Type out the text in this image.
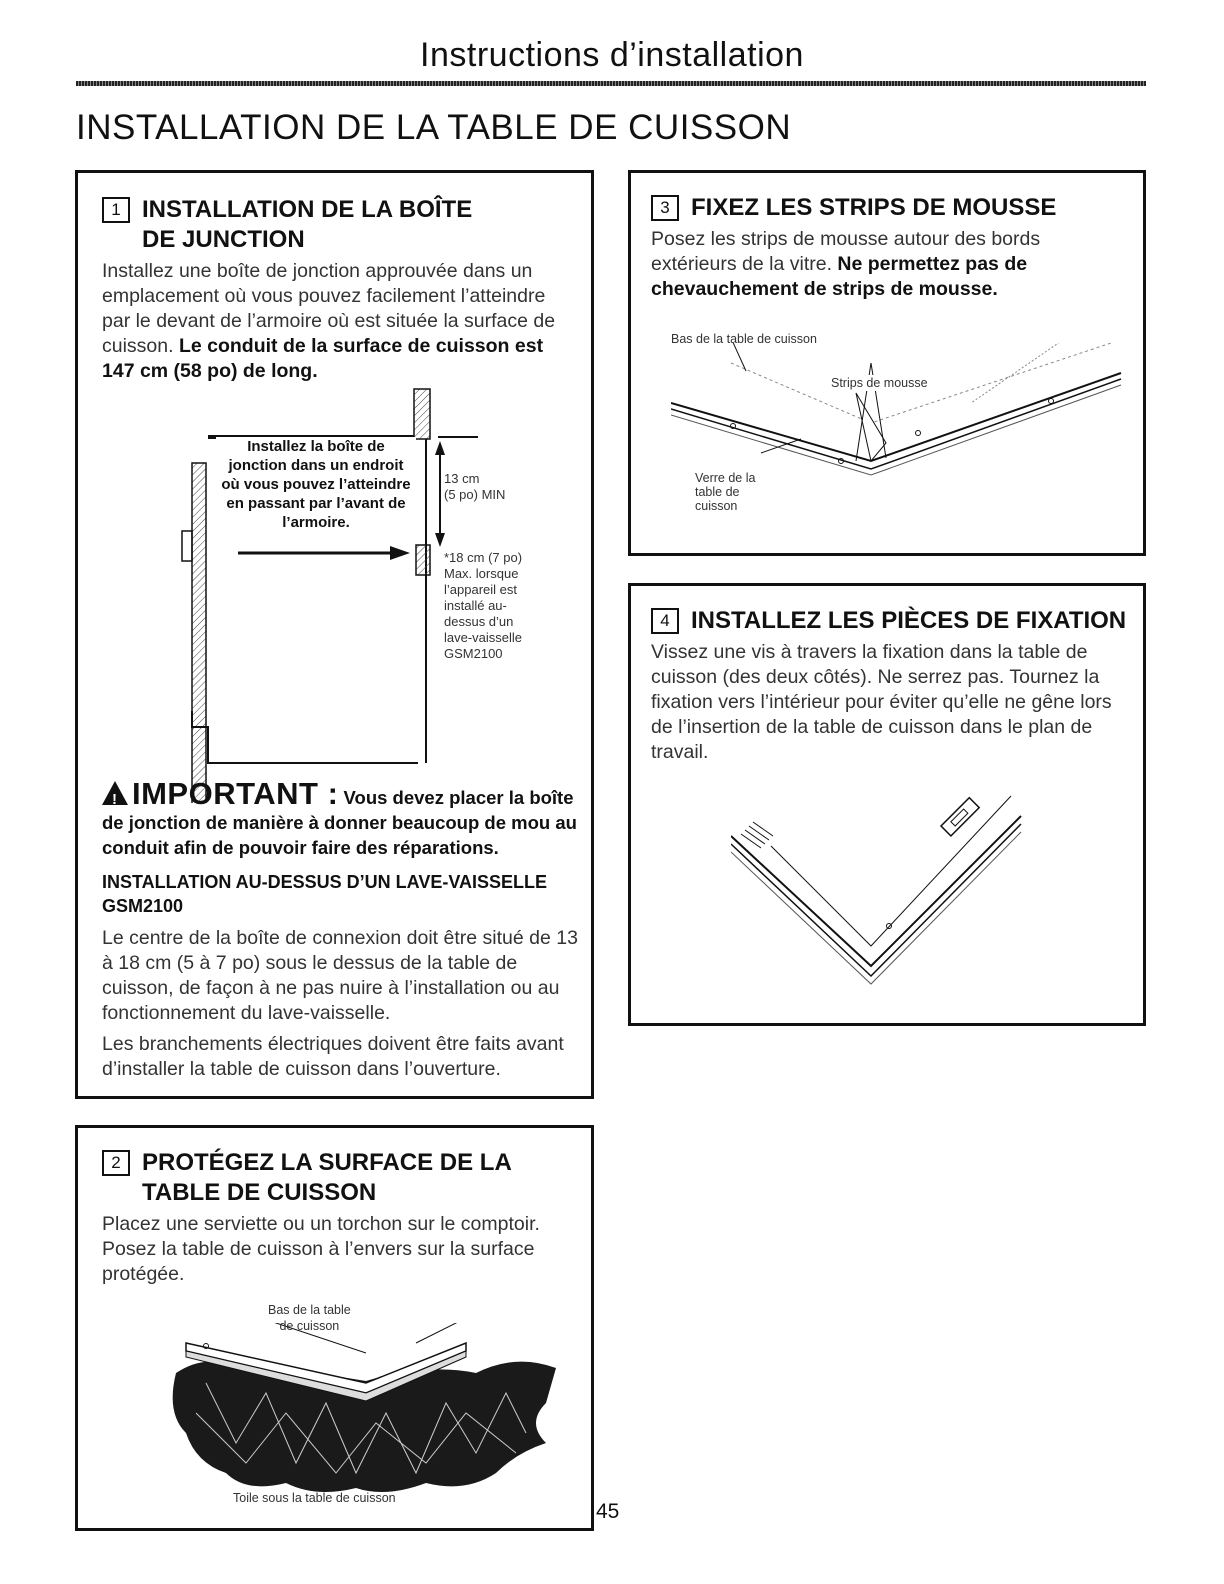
Instructions d’installation
INSTALLATION DE LA TABLE DE CUISSON

1 INSTALLATION DE LA BOÎTE
DE JUNCTION

Installez une boîte de jonction approuvée dans un emplacement où vous pouvez facilement l’atteindre par le devant de l’armoire où est située la surface de cuisson. Le conduit de la surface de cuisson est 147 cm (58 po) de long.

Installez la boîte de
jonction dans un endroit
où vous pouvez l’atteindre
en passant par l’avant de
l’armoire.
13 cm
(5 po) MIN
*18 cm (7 po)
Max. lorsque
l’appareil est
installé au-
dessus d’un
lave-vaisselle
GSM2100

!IMPORTANT : Vous devez placer la boîte de jonction de manière à donner beaucoup de mou au conduit afin de pouvoir faire des réparations.

INSTALLATION AU-DESSUS D’UN LAVE-VAISSELLE
GSM2100

Le centre de la boîte de connexion doit être situé de 13 à 18 cm (5 à 7 po) sous le dessus de la table de cuisson, de façon à ne pas nuire à l’installation ou au fonctionnement du lave-vaisselle.

Les branchements électriques doivent être faits avant d’installer la table de cuisson dans l’ouverture.

2 PROTÉGEZ LA SURFACE DE LA
TABLE DE CUISSON

Placez une serviette ou un torchon sur le comptoir. Posez la table de cuisson à l’envers sur la surface protégée.

Bas de la table
de cuisson
Toile sous la table de cuisson
45

3 FIXEZ LES STRIPS DE MOUSSE

Posez les strips de mousse autour des bords extérieurs de la vitre. Ne permettez pas de chevauchement de strips de mousse.

Bas de la table de cuisson
Strips de mousse
Verre de la
table de
cuisson

4 INSTALLEZ LES PIÈCES DE FIXATION

Vissez une vis à travers la fixation dans la table de cuisson (des deux côtés). Ne serrez pas. Tournez la fixation vers l’intérieur pour éviter qu’elle ne gêne lors de l’insertion de la table de cuisson dans le plan de travail.
